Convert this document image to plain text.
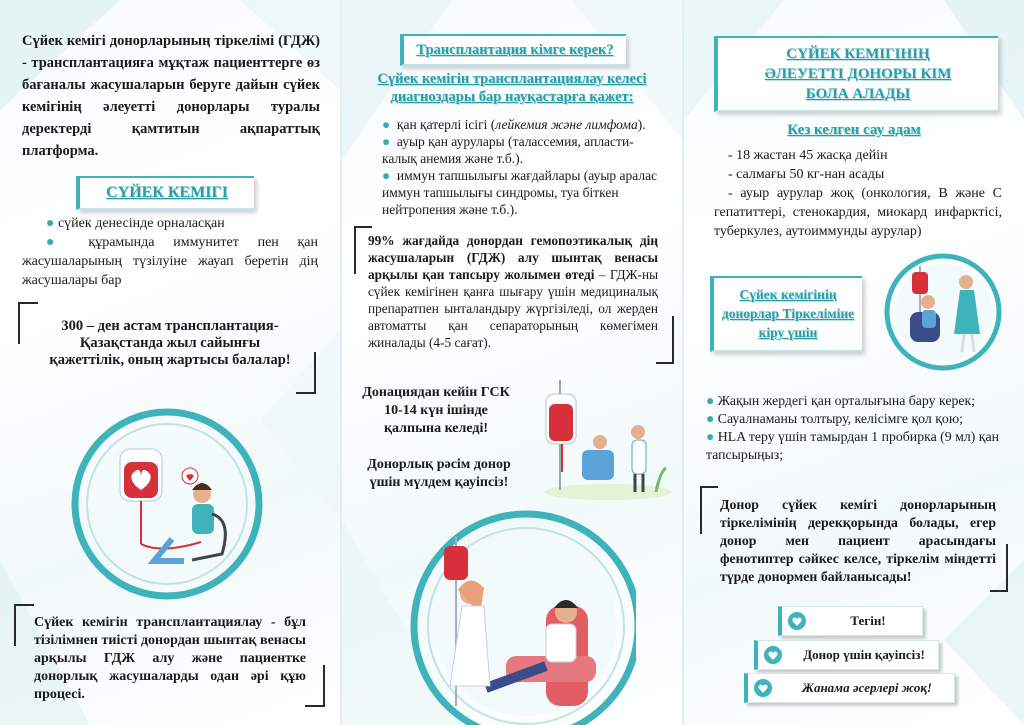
Сүйек кемігі донорларының тіркелімі (ГДЖ) - трансплантацияға мұқтаж пациенттерге өз бағаналы жасушаларын беруге дайын сүйек кемігінің әлеуетті донорлары туралы деректерді қамтитын ақпараттық платформа.
СҮЙЕК КЕМІГІ
● сүйек денесінде орналасқан
● құрамында иммунитет пен қан жасушаларының түзілуіне жауап беретін дің жасушалары бар
300 – ден астам трансплантация-Қазақстанда жыл сайынғы қажеттілік, оның жартысы балалар!
Сүйек кемігін трансплантациялау - бұл тізілімнен тиісті донордан шынтақ венасы арқылы ГДЖ алу және пациентке донорлық жасушаларды одан әрі құю процесі.
Трансплантация кімге керек?
Сүйек кемігін трансплантациялау келесі диагноздары бар науқастарға қажет:
● қан қатерлі ісігі (лейкемия және лимфома).
● ауыр қан аурулары (талассемия, апласти-калық анемия және т.б.).
● иммун тапшылығы жағдайлары (ауыр аралас иммун тапшылығы синдромы, туа біткен нейтропения және т.б.).
99% жағдайда донордан гемопоэтикалық дің жасушаларын (ГДЖ) алу шынтақ венасы арқылы қан тапсыру жолымен өтеді – ГДЖ-ны сүйек кемігінен қанға шығару үшін медициналық препаратпен ынталандыру жүргізіледі, ол жерден автоматты қан сепараторының көмегімен жиналады (4-5 сағат).
Донациядан кейін ГСК 10-14 күн ішінде қалпына келеді!
Донорлық рәсім донор үшін мүлдем қауіпсіз!
СҮЙЕК КЕМІГІНІҢ ӘЛЕУЕТТІ ДОНОРЫ КІМ БОЛА АЛАДЫ
Кез келген сау адам
- 18 жастан 45 жасқа дейін
- салмағы 50 кг-нан асады
- ауыр аурулар жоқ (онкология, В және С гепатиттері, стенокардия, миокард инфарктісі, туберкулез, аутоиммунды аурулар)
Сүйек кемігінің донорлар Тіркеліміне кіру үшін
● Жақын жердегі қан орталығына бару керек;
● Сауалнаманы толтыру, келісімге қол қою;
● HLA теру үшін тамырдан 1 пробирка (9 мл) қан тапсырыңыз;
Донор сүйек кемігі донорларының тіркелімінің дерекқорында болады, егер донор мен пациент арасындағы фенотиптер сәйкес келсе, тіркелім міндетті түрде донормен байланысады!
Тегін!
Донор үшін қауіпсіз!
Жанама әсерлері жоқ!
